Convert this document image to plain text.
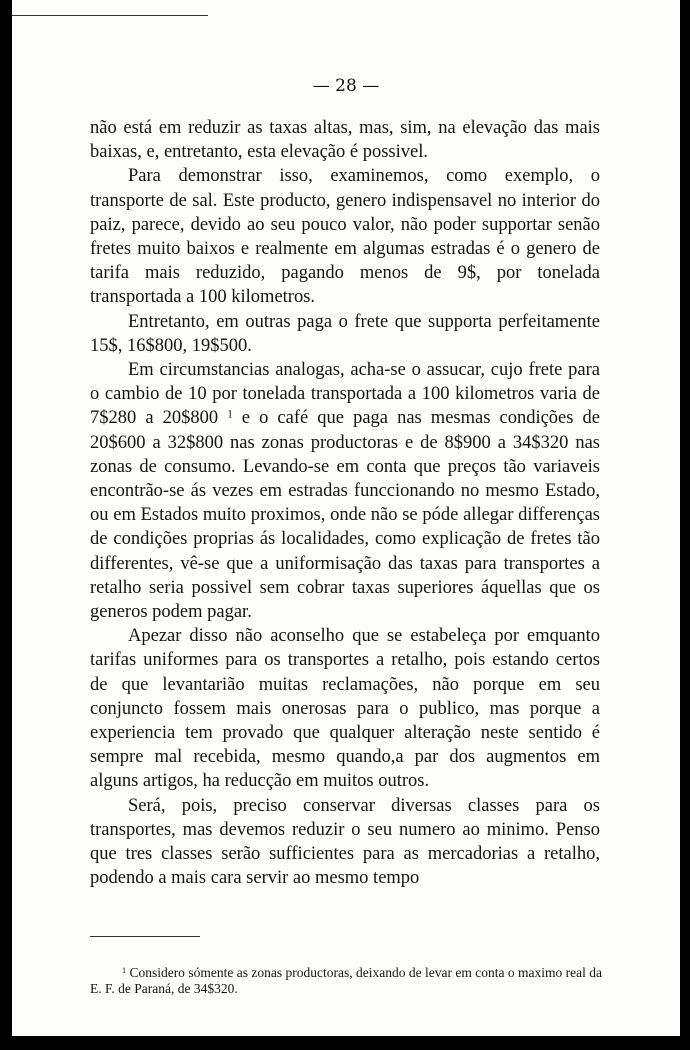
— 28 —

não está em reduzir as taxas altas, mas, sim, na elevação das mais baixas, e, entretanto, esta elevação é possivel.

Para demonstrar isso, examinemos, como exemplo, o transporte de sal. Este producto, genero indispensavel no interior do paiz, parece, devido ao seu pouco valor, não poder supportar senão fretes muito baixos e realmente em algumas estradas é o genero de tarifa mais reduzido, pagando menos de 9$, por tonelada transportada a 100 kilometros.

Entretanto, em outras paga o frete que supporta perfeitamente 15$, 16$800, 19$500.

Em circumstancias analogas, acha-se o assucar, cujo frete para o cambio de 10 por tonelada transportada a 100 kilometros varia de 7$280 a 20$800 $^1$ e o café que paga nas mesmas condições de 20$600 a 32$800 nas zonas productoras e de 8$900 a 34$320 nas zonas de consumo. Levando-se em conta que preços tão variaveis encontrão-se ás vezes em estradas funccionando no mesmo Estado, ou em Estados muito proximos, onde não se póde allegar differenças de condições proprias ás localidades, como explicação de fretes tão differentes, vê-se que a uniformisação das taxas para transportes a retalho seria possivel sem cobrar taxas superiores áquellas que os generos podem pagar.

Apezar disso não aconselho que se estabeleça por emquanto tarifas uniformes para os transportes a retalho, pois estando certos de que levantarião muitas reclamações, não porque em seu conjuncto fossem mais onerosas para o publico, mas porque a experiencia tem provado que qualquer alteração neste sentido é sempre mal recebida, mesmo quando,a par dos augmentos em alguns artigos, ha reducção em muitos outros.

Será, pois, preciso conservar diversas classes para os transportes, mas devemos reduzir o seu numero ao minimo. Penso que tres classes serão sufficientes para as mercadorias a retalho, podendo a mais cara servir ao mesmo tempo

$^1$ Considero sómente as zonas productoras, deixando de levar em conta o maximo real da E. F. de Paraná, de 34$320.
